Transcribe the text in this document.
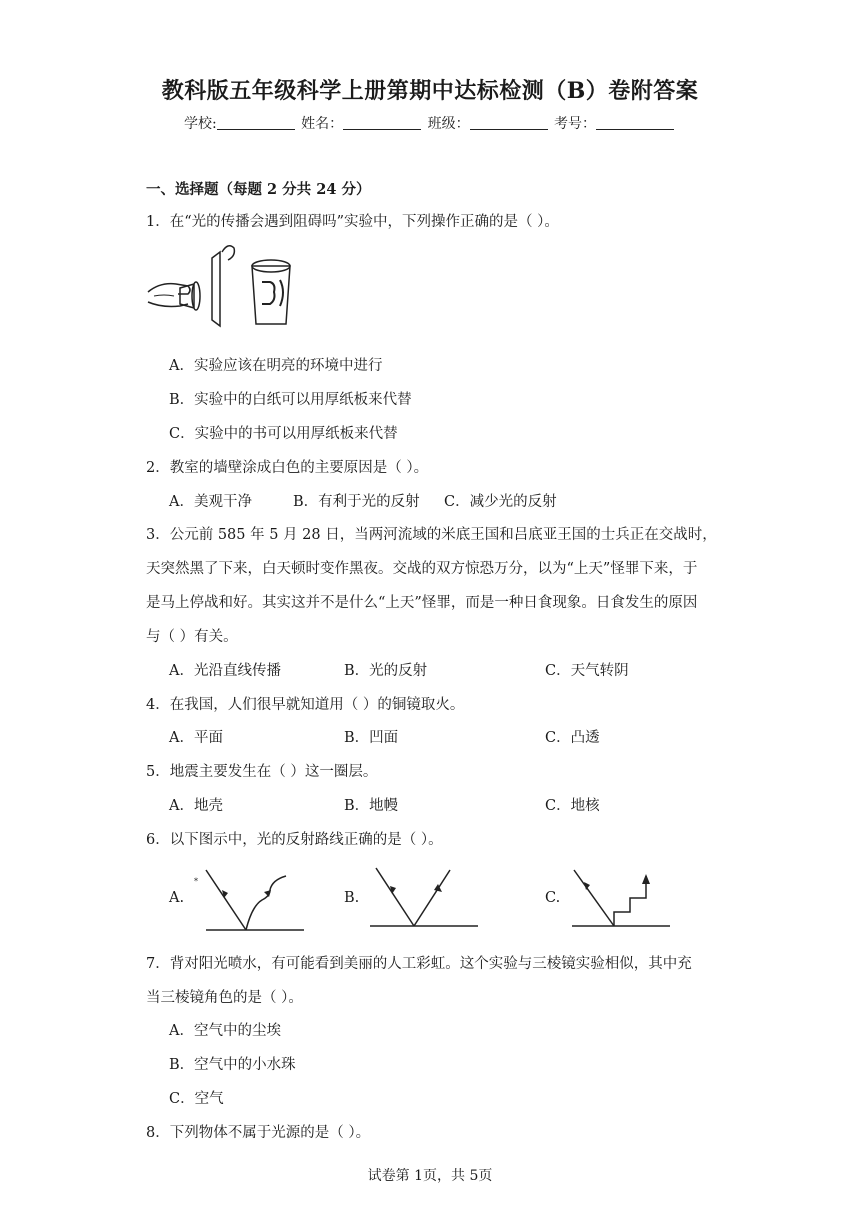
教科版五年级科学上册第期中达标检测（B）卷附答案
学校:	姓名：	班级：	考号：
一、选择题（每题 2 分共 24 分）
1．在“光的传播会遇到阻碍吗”实验中，下列操作正确的是（ ）。
A．实验应该在明亮的环境中进行
B．实验中的白纸可以用厚纸板来代替
C．实验中的书可以用厚纸板来代替
2．教室的墙壁涂成白色的主要原因是（ ）。
A．美观干净	B．有利于光的反射 C．减少光的反射
3．公元前 585 年 5 月 28 日，当两河流域的米底王国和吕底亚王国的士兵正在交战时，
天突然黑了下来，白天顿时变作黑夜。交战的双方惊恐万分，以为“上天”怪罪下来，于
是马上停战和好。其实这并不是什么“上天”怪罪，而是一种日食现象。日食发生的原因
与（ ）有关。
A．光沿直线传播	B．光的反射	C．天气转阴
4．在我国，人们很早就知道用（ ）的铜镜取火。
A．平面	B．凹面	C．凸透
5．地震主要发生在（ ）这一圈层。
A．地壳	B．地幔	C．地核
6．以下图示中，光的反射路线正确的是（ ）。
A.
*
B.	C.
7．背对阳光喷水，有可能看到美丽的人工彩虹。这个实验与三棱镜实验相似，其中充
当三棱镜角色的是（ ）。
A．空气中的尘埃
B．空气中的小水珠
C．空气
8．下列物体不属于光源的是（ ）。
试卷第 1页，共 5页
